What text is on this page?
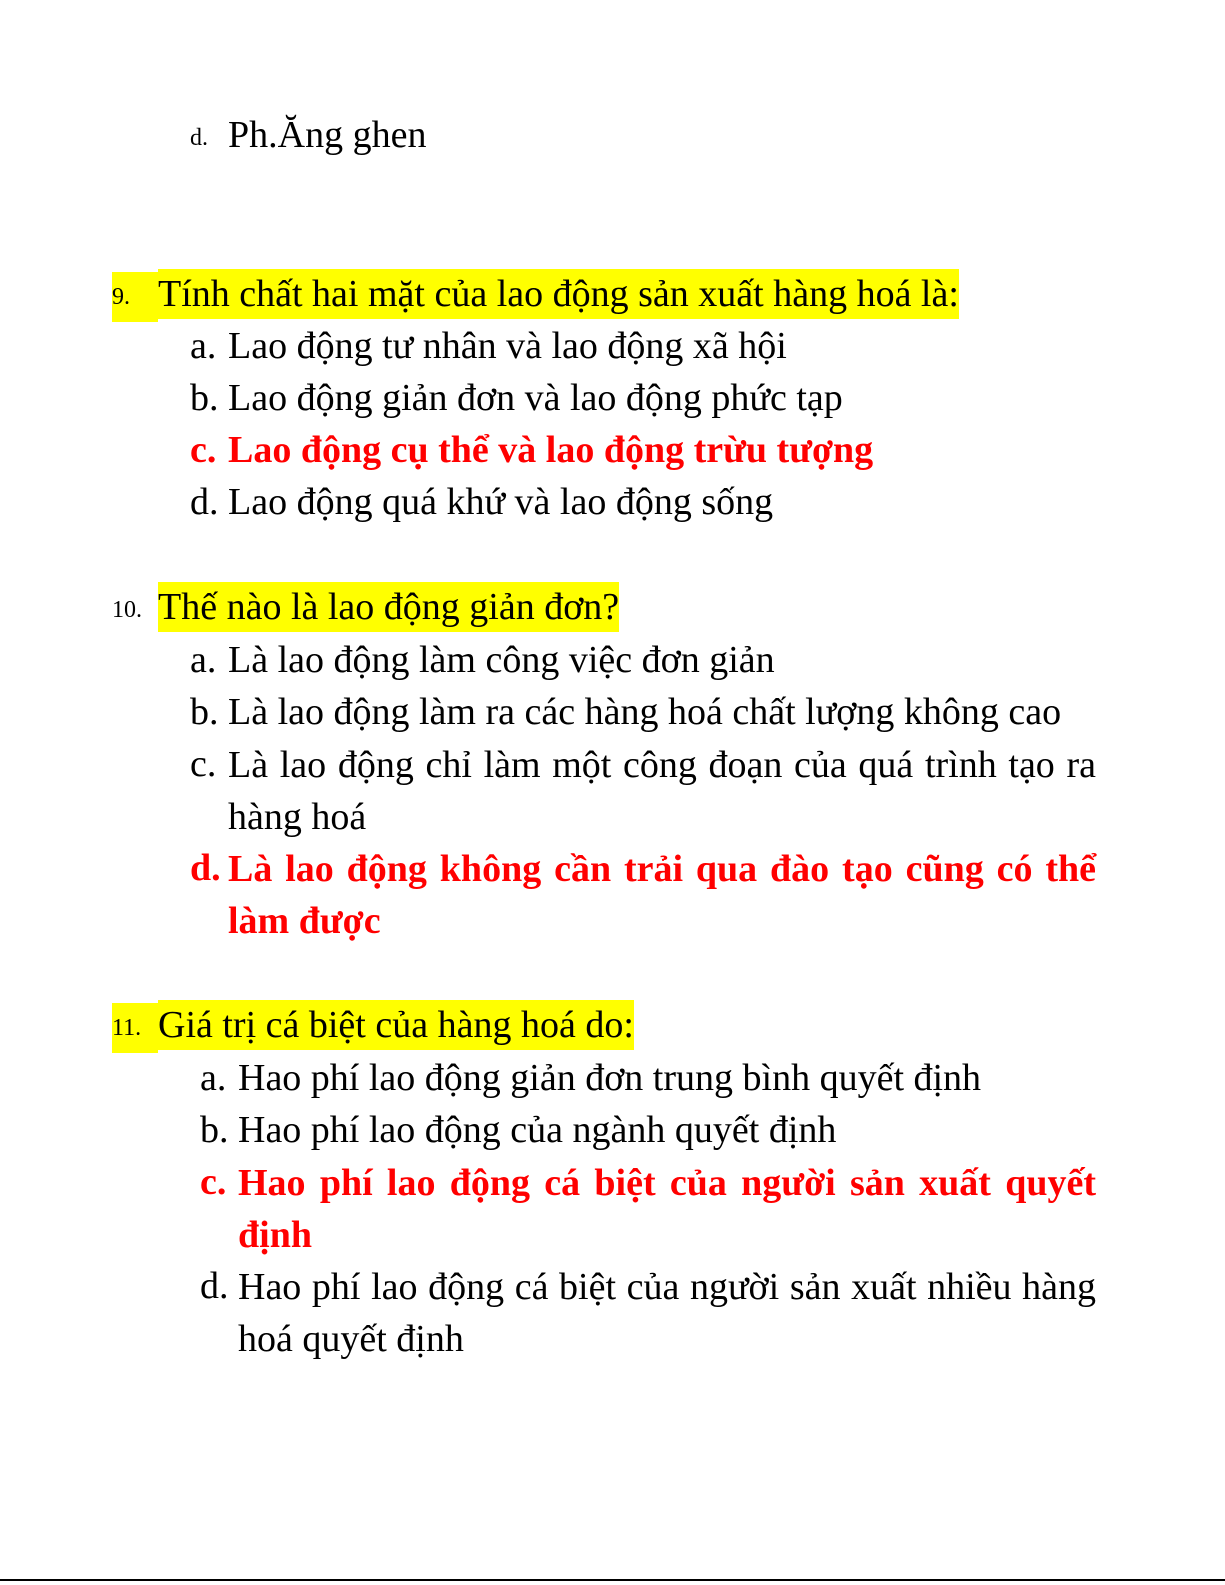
d. Ph.Ăng ghen
9. Tính chất hai mặt của lao động sản xuất hàng hoá là:
a. Lao động tư nhân và lao động xã hội
b. Lao động giản đơn và lao động phức tạp
c. Lao động cụ thể và lao động trừu tượng
d. Lao động quá khứ và lao động sống
10. Thế nào là lao động giản đơn?
a. Là lao động làm công việc đơn giản
b. Là lao động làm ra các hàng hoá chất lượng không cao
c. Là lao động chỉ làm một công đoạn của quá trình tạo ra hàng hoá
d. Là lao động không cần trải qua đào tạo cũng có thể làm được
11. Giá trị cá biệt của hàng hoá do:
a. Hao phí lao động giản đơn trung bình quyết định
b. Hao phí lao động của ngành quyết định
c. Hao phí lao động cá biệt của người sản xuất quyết định
d. Hao phí lao động cá biệt của người sản xuất nhiều hàng hoá quyết định
